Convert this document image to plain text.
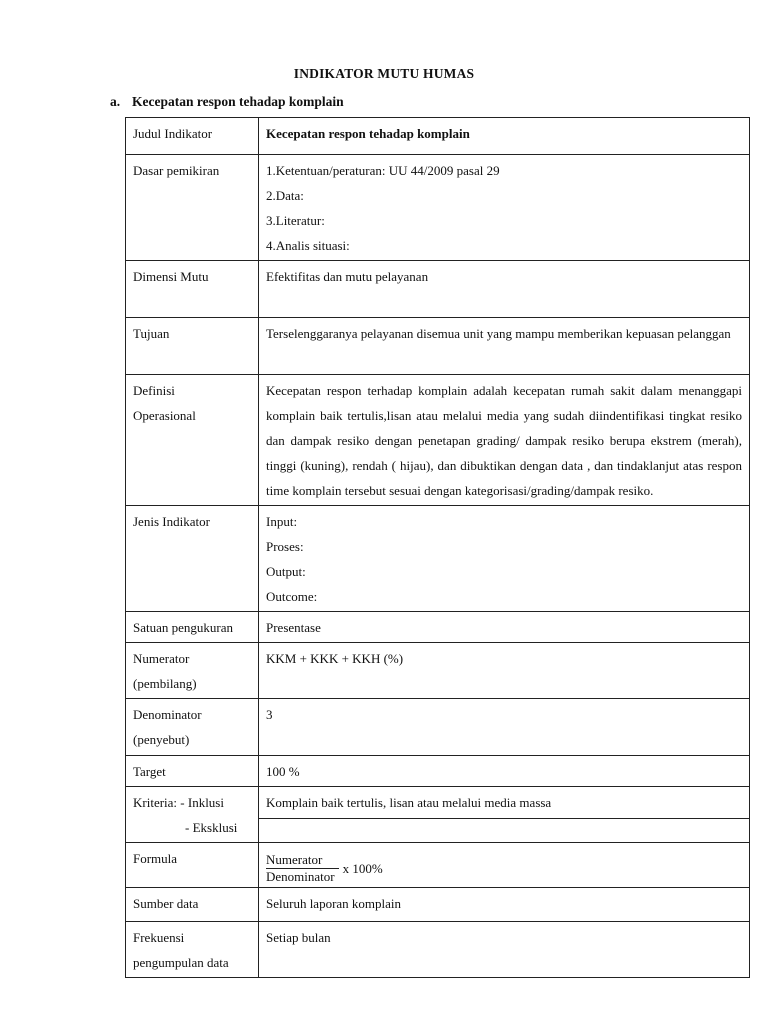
INDIKATOR MUTU HUMAS
a. Kecepatan respon tehadap komplain
Judul Indikator	Kecepatan respon tehadap komplain
Dasar pemikiran	1.Ketentuan/peraturan: UU 44/2009 pasal 29
2.Data:
3.Literatur:
4.Analis situasi:

Dimensi Mutu	Efektifitas dan mutu pelayanan
Tujuan	Terselenggaranya pelayanan disemua unit yang mampu memberikan kepuasan pelanggan

Definisi
Operasional	Kecepatan respon terhadap komplain adalah kecepatan rumah sakit dalam menanggapi komplain baik tertulis,lisan atau melalui media yang sudah diindentifikasi tingkat resiko dan dampak resiko dengan penetapan grading/ dampak resiko berupa ekstrem (merah), tinggi (kuning), rendah ( hijau), dan dibuktikan dengan data , dan tindaklanjut atas respon time komplain tersebut sesuai dengan kategorisasi/grading/dampak resiko.
Jenis Indikator	Input:
Proses:
Output:
Outcome:

Satuan pengukuran	Presentase

Numerator
(pembilang)	KKM + KKK + KKH (%)

Denominator
(penyebut)	3
Target	100 %

Kriteria: - Inklusi
- Eksklusi	Komplain baik tertulis, lisan atau melalui media massa

Formula	$\frac{\text{Numerator}}{\text{Denominator}}$ x 100%

Sumber data	Seluruh laporan komplain

Frekuensi
pengumpulan data	Setiap bulan
